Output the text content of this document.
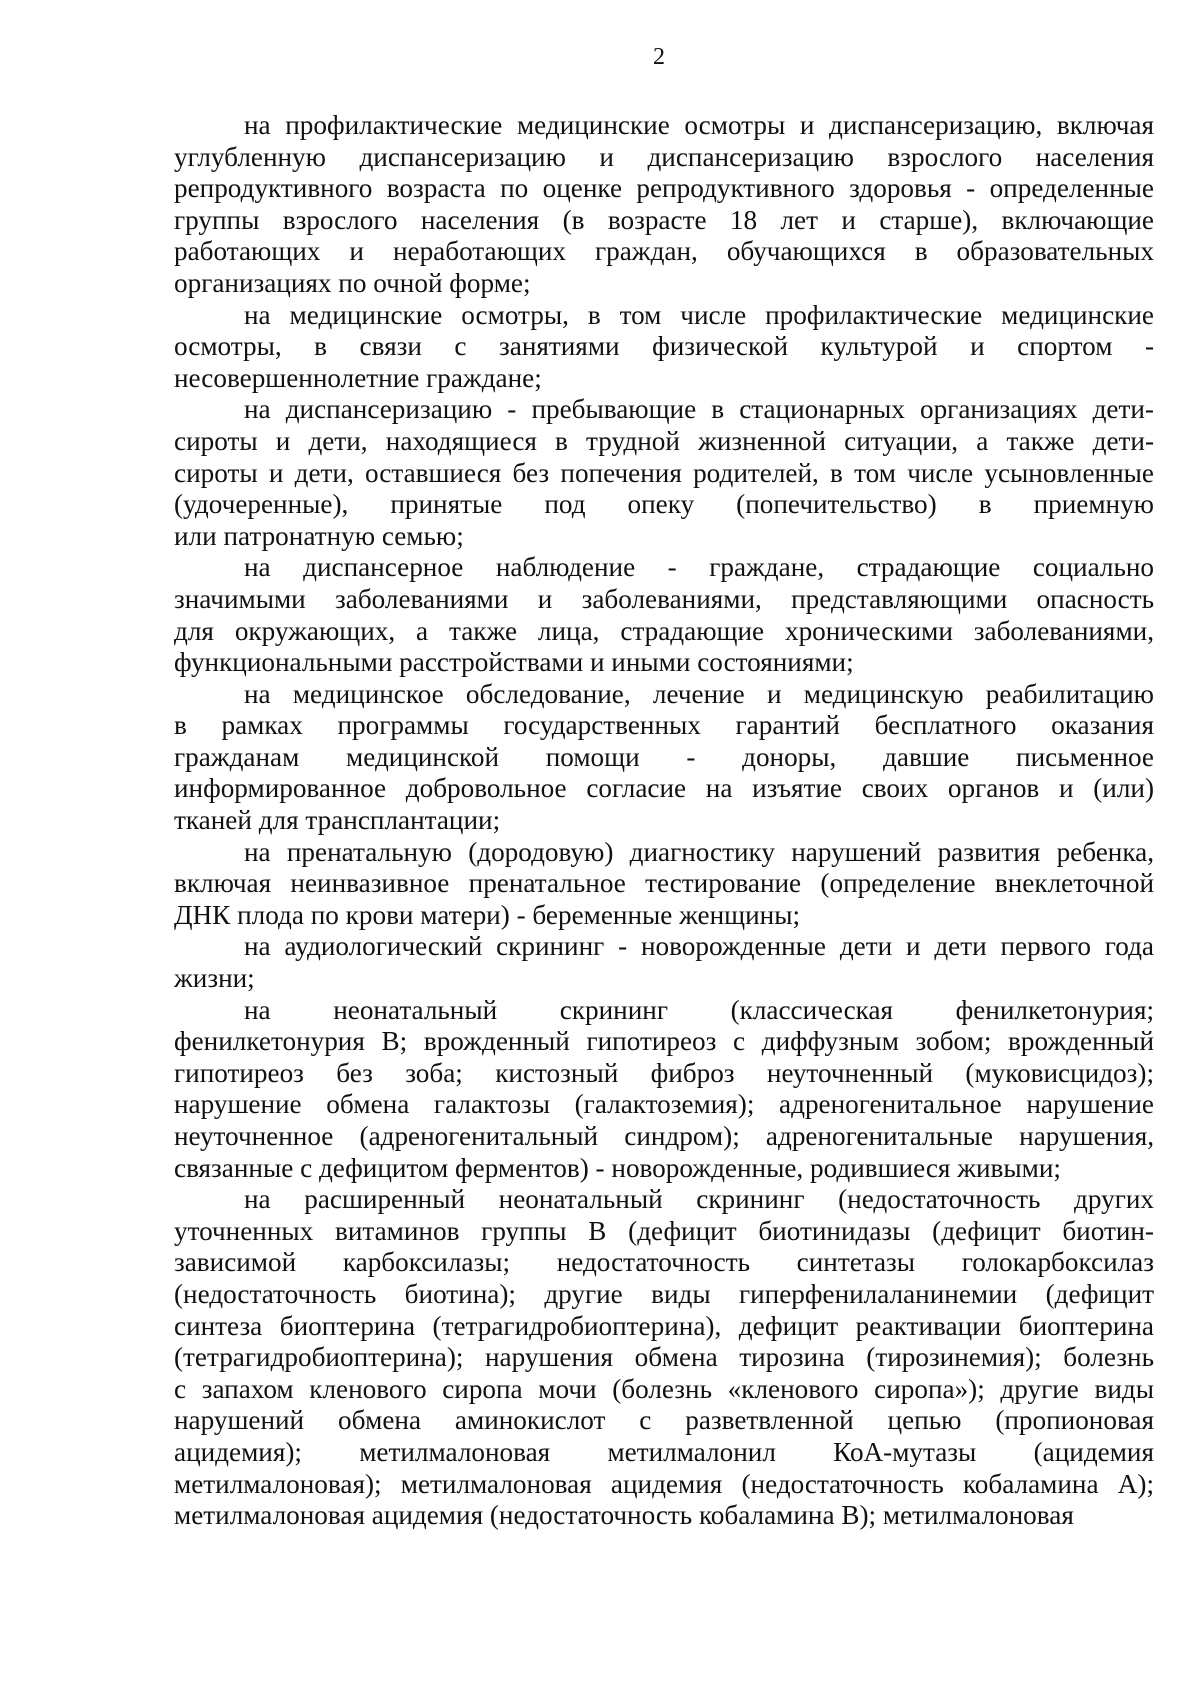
2
на профилактические медицинские осмотры и диспансеризацию, включая
углубленную диспансеризацию и диспансеризацию взрослого населения
репродуктивного возраста по оценке репродуктивного здоровья - определенные
группы взрослого населения (в возрасте 18 лет и старше), включающие
работающих и неработающих граждан, обучающихся в образовательных
организациях по очной форме;
на медицинские осмотры, в том числе профилактические медицинские
осмотры, в связи с занятиями физической культурой и спортом -
несовершеннолетние граждане;
на диспансеризацию - пребывающие в стационарных организациях дети-
сироты и дети, находящиеся в трудной жизненной ситуации, а также дети-
сироты и дети, оставшиеся без попечения родителей, в том числе усыновленные
(удочеренные), принятые под опеку (попечительство) в приемную
или патронатную семью;
на диспансерное наблюдение - граждане, страдающие социально
значимыми заболеваниями и заболеваниями, представляющими опасность
для окружающих, а также лица, страдающие хроническими заболеваниями,
функциональными расстройствами и иными состояниями;
на медицинское обследование, лечение и медицинскую реабилитацию
в рамках программы государственных гарантий бесплатного оказания
гражданам медицинской помощи - доноры, давшие письменное
информированное добровольное согласие на изъятие своих органов и (или)
тканей для трансплантации;
на пренатальную (дородовую) диагностику нарушений развития ребенка,
включая неинвазивное пренатальное тестирование (определение внеклеточной
ДНК плода по крови матери) - беременные женщины;
на аудиологический скрининг - новорожденные дети и дети первого года
жизни;
на неонатальный скрининг (классическая фенилкетонурия;
фенилкетонурия В; врожденный гипотиреоз с диффузным зобом; врожденный
гипотиреоз без зоба; кистозный фиброз неуточненный (муковисцидоз);
нарушение обмена галактозы (галактоземия); адреногенитальное нарушение
неуточненное (адреногенитальный синдром); адреногенитальные нарушения,
связанные с дефицитом ферментов) - новорожденные, родившиеся живыми;
на расширенный неонатальный скрининг (недостаточность других
уточненных витаминов группы В (дефицит биотинидазы (дефицит биотин-
зависимой карбоксилазы; недостаточность синтетазы голокарбоксилаз
(недостаточность биотина); другие виды гиперфенилаланинемии (дефицит
синтеза биоптерина (тетрагидробиоптерина), дефицит реактивации биоптерина
(тетрагидробиоптерина); нарушения обмена тирозина (тирозинемия); болезнь
с запахом кленового сиропа мочи (болезнь «кленового сиропа»); другие виды
нарушений обмена аминокислот с разветвленной цепью (пропионовая
ацидемия); метилмалоновая метилмалонил КоА-мутазы (ацидемия
метилмалоновая); метилмалоновая ацидемия (недостаточность кобаламина А);
метилмалоновая ацидемия (недостаточность кобаламина В); метилмалоновая
